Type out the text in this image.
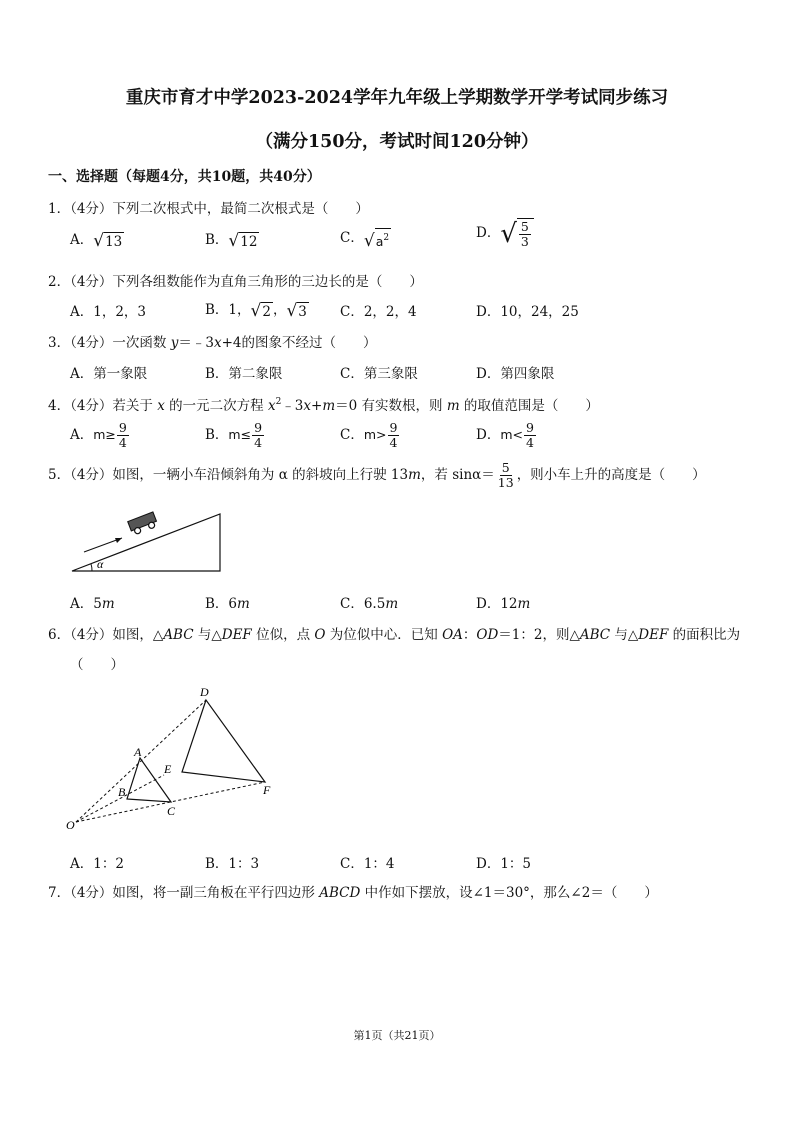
重庆市育才中学2023-2024学年九年级上学期数学开学考试同步练习
（满分150分，考试时间120分钟）
一、选择题（每题4分，共10题，共40分）
1．（4分）下列二次根式中，最简二次根式是（　　）
A． √ 13	B． √ 12	C． √ $a^2$	D． √ $\frac{5}{3}$
2．（4分）下列各组数能作为直角三角形的三边长的是（　　）
A．1，2，3	B．1， √ 2 ， √ 3 C．2，2，4	D．10，24，25
3．（4分）一次函数 y＝﹣3x+4的图象不经过（　　）
A．第一象限	B．第二象限	C．第三象限	D．第四象限
4．（4分）若关于 x 的一元二次方程 $x^2﹣3x+m=0$ 有实数根，则 m 的取值范围是（　　）
A．$m\ge \frac{9}{4}$	B．$m\le \frac{9}{4}$	C．$m> \frac{9}{4}$	D．$m< \frac{9}{4}$
5．（4分）如图，一辆小车沿倾斜角为 α 的斜坡向上行驶 13m，若 $\sin\alpha= \frac{5}{13}$ ，则小车上升的高度是（　　）
α
A．5m	B．6m	C．6.5m	D．12m
6．（4分）如图，△ABC 与△DEF 位似，点 O 为位似中心．已知 OA：OD＝1：2，则△ABC 与△DEF 的面积比为
（　　）
A
B
C
D
E
F
O
A．1：2	B．1：3	C．1：4	D．1：5
7．（4分）如图，将一副三角板在平行四边形 ABCD 中作如下摆放，设∠1＝30°，那么∠2＝（　　）
第1页（共21页）
